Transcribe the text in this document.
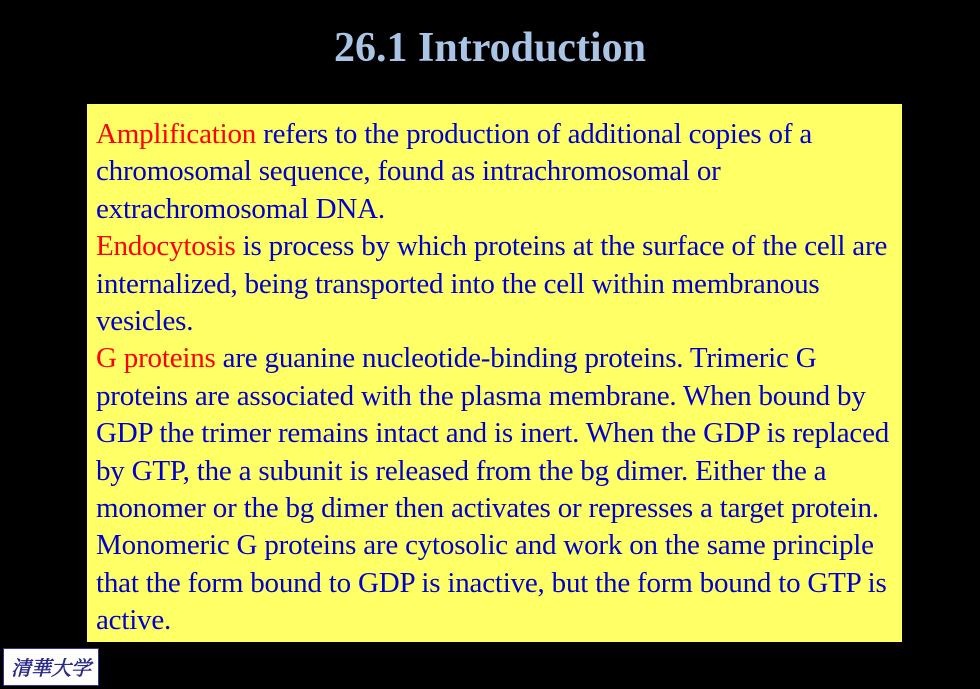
26.1 Introduction

Amplification refers to the production of additional copies of a chromosomal sequence, found as intrachromosomal or extrachromosomal DNA.

Endocytosis is process by which proteins at the surface of the cell are internalized, being transported into the cell within membranous vesicles.

G proteins are guanine nucleotide-binding proteins. Trimeric G proteins are associated with the plasma membrane. When bound by GDP the trimer remains intact and is inert. When the GDP is replaced by GTP, the a subunit is released from the bg dimer. Either the a monomer or the bg dimer then activates or represses a target protein. Monomeric G proteins are cytosolic and work on the same principle that the form bound to GDP is inactive, but the form bound to GTP is active.

清華大学
